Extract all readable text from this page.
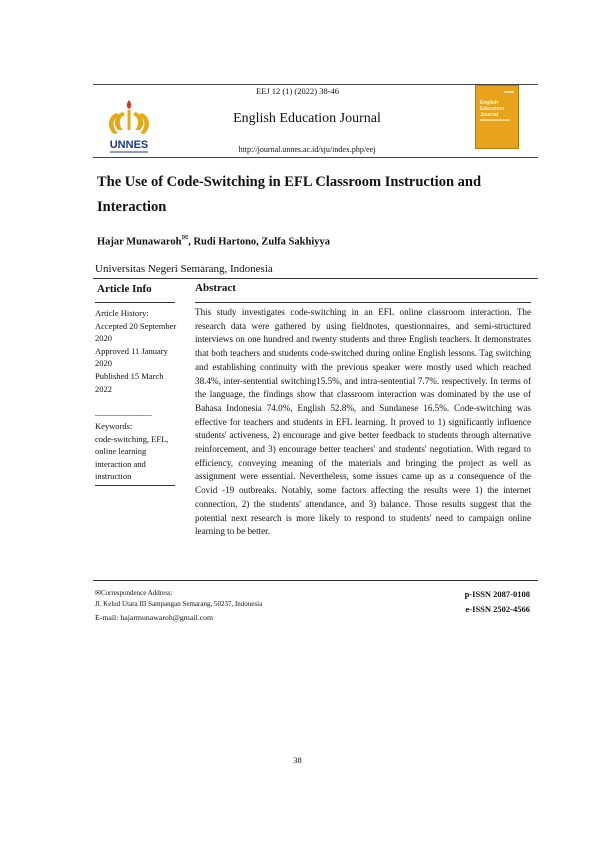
UNNES
EEJ 12 (1) (2022) 38-46
English Education Journal
http://journal.unnes.ac.id/sju/index.php/eej
English
Education
Journal
The Use of Code-Switching in EFL Classroom Instruction and Interaction
Hajar Munawaroh✉, Rudi Hartono, Zulfa Sakhiyya
Universitas Negeri Semarang, Indonesia
Article Info
Article History:
Accepted 20 September 2020
Approved 11 January 2020
Published 15 March 2022
_______________
Keywords:
code-switching, EFL, online learning interaction and instruction
Abstract
This study investigates code-switching in an EFL online classroom interaction. The research data were gathered by using fieldnotes, questionnaires, and semi-structured interviews on one hundred and twenty students and three English teachers. It demonstrates that both teachers and students code-switched during online English lessons. Tag switching and establishing continuity with the previous speaker were mostly used which reached 38.4%, inter-sentential switching15.5%, and intra-sentential 7.7%. respectively. In terms of the language, the findings show that classroom interaction was dominated by the use of Bahasa Indonesia 74.0%, English 52.8%, and Sundanese 16.5%. Code-switching was effective for teachers and students in EFL learning. It proved to 1) significantly influence students' activeness, 2) encourage and give better feedback to students through alternative reinforcement, and 3) encourage better teachers' and students' negotiation. With regard to efficiency, conveying meaning of the materials and bringing the project as well as assignment were essential. Nevertheless, some issues came up as a consequence of the Covid -19 outbreaks. Notably, some factors affecting the results were 1) the internet connection, 2) the students' attendance, and 3) balance. Those results suggest that the potential next research is more likely to respond to students' need to campaign online learning to be better.
✉Correspondence Address:
Jl. Kelud Utara III Sampangan Semarang, 50237, Indonesia
E-mail: hajarmunawaroh@gmail.com
p-ISSN 2087-0108
e-ISSN 2502-4566
38
